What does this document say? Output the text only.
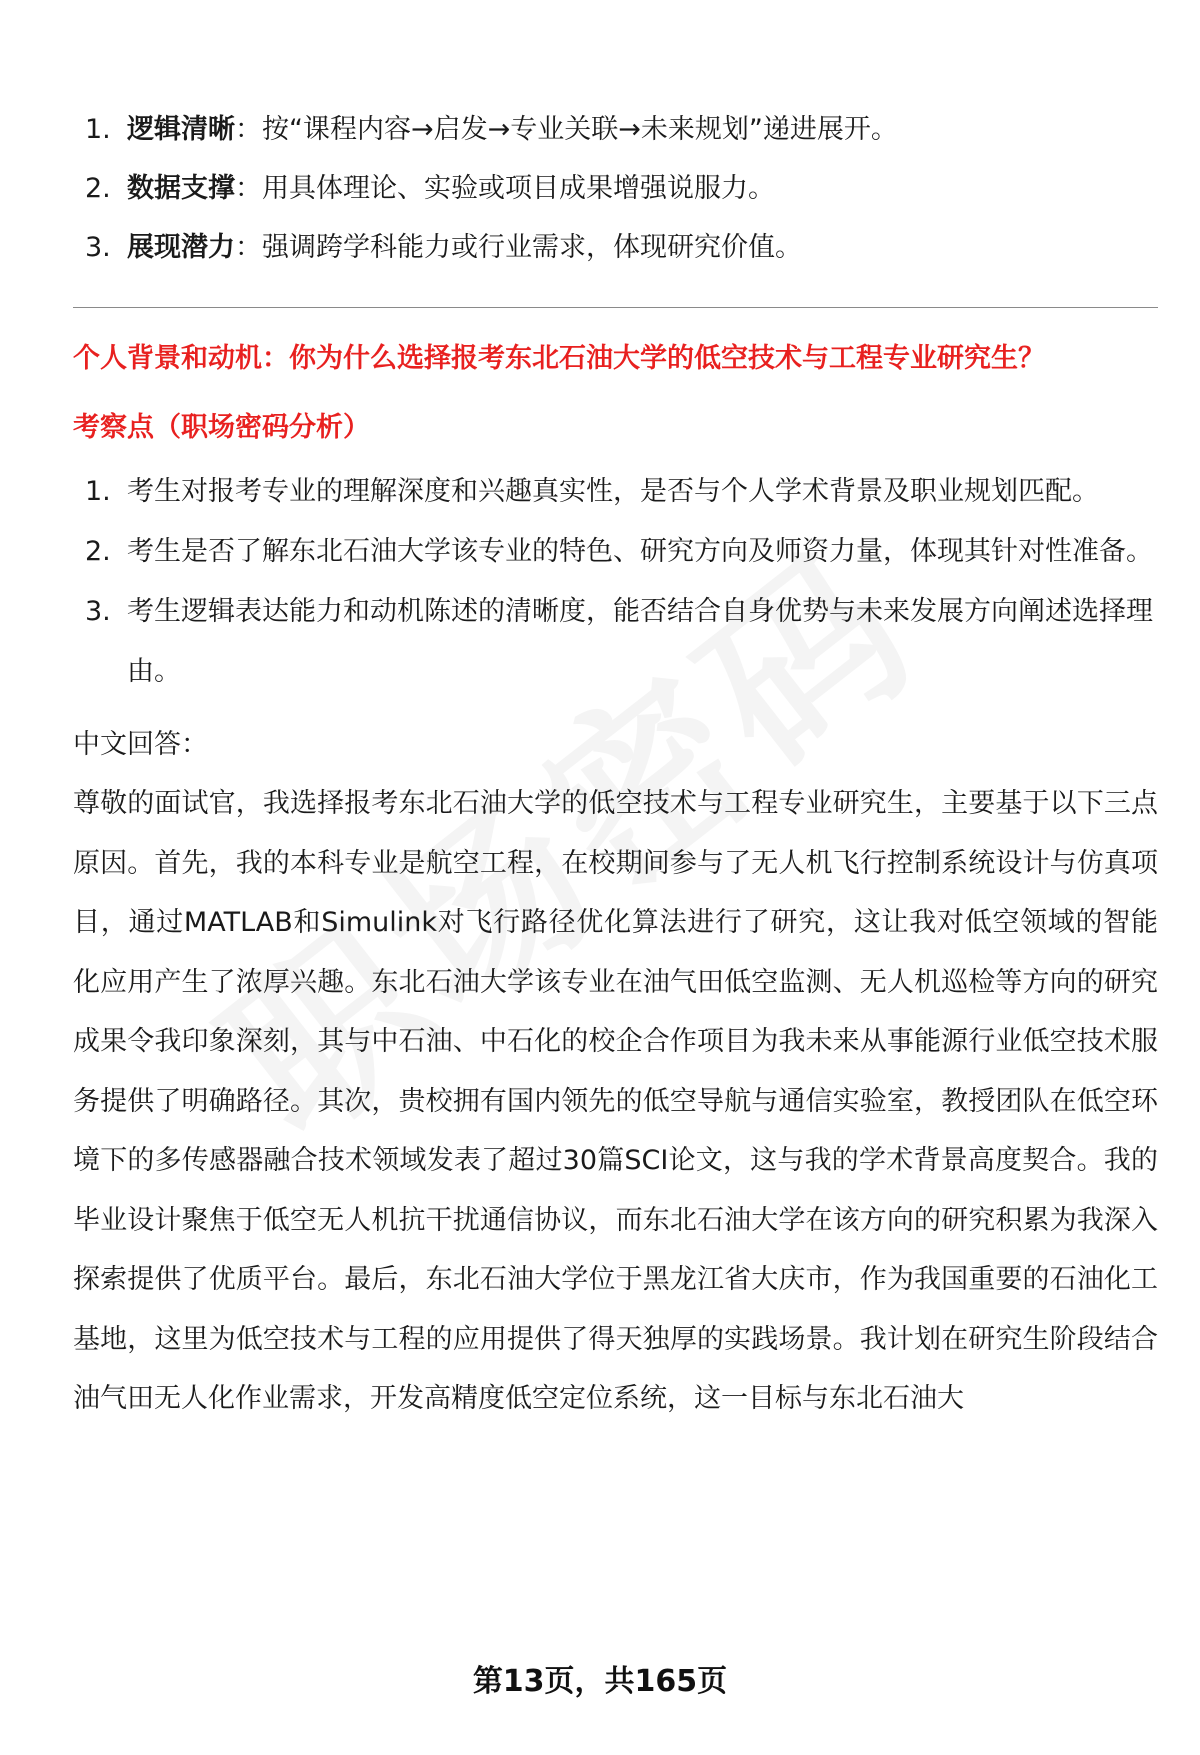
1. 逻辑清晰：按“课程内容→启发→专业关联→未来规划”递进展开。
2. 数据支撑：用具体理论、实验或项目成果增强说服力。
3. 展现潜力：强调跨学科能力或行业需求，体现研究价值。

个人背景和动机：你为什么选择报考东北石油大学的低空技术与工程专业研究生？

考察点（职场密码分析）

1. 考生对报考专业的理解深度和兴趣真实性，是否与个人学术背景及职业规划匹配。
2. 考生是否了解东北石油大学该专业的特色、研究方向及师资力量，体现其针对性准备。
3. 考生逻辑表达能力和动机陈述的清晰度，能否结合自身优势与未来发展方向阐述选择理由。

中文回答：

尊敬的面试官，我选择报考东北石油大学的低空技术与工程专业研究生，主要基于以下三点原因。首先，我的本科专业是航空工程，在校期间参与了无人机飞行控制系统设计与仿真项目，通过MATLAB和Simulink对飞行路径优化算法进行了研究，这让我对低空领域的智能化应用产生了浓厚兴趣。东北石油大学该专业在油气田低空监测、无人机巡检等方向的研究成果令我印象深刻，其与中石油、中石化的校企合作项目为我未来从事能源行业低空技术服务提供了明确路径。其次，贵校拥有国内领先的低空导航与通信实验室，教授团队在低空环境下的多传感器融合技术领域发表了超过30篇SCI论文，这与我的学术背景高度契合。我的毕业设计聚焦于低空无人机抗干扰通信协议，而东北石油大学在该方向的研究积累为我深入探索提供了优质平台。最后，东北石油大学位于黑龙江省大庆市，作为我国重要的石油化工基地，这里为低空技术与工程的应用提供了得天独厚的实践场景。我计划在研究生阶段结合油气田无人化作业需求，开发高精度低空定位系统，这一目标与东北石油大

第13页，共165页
